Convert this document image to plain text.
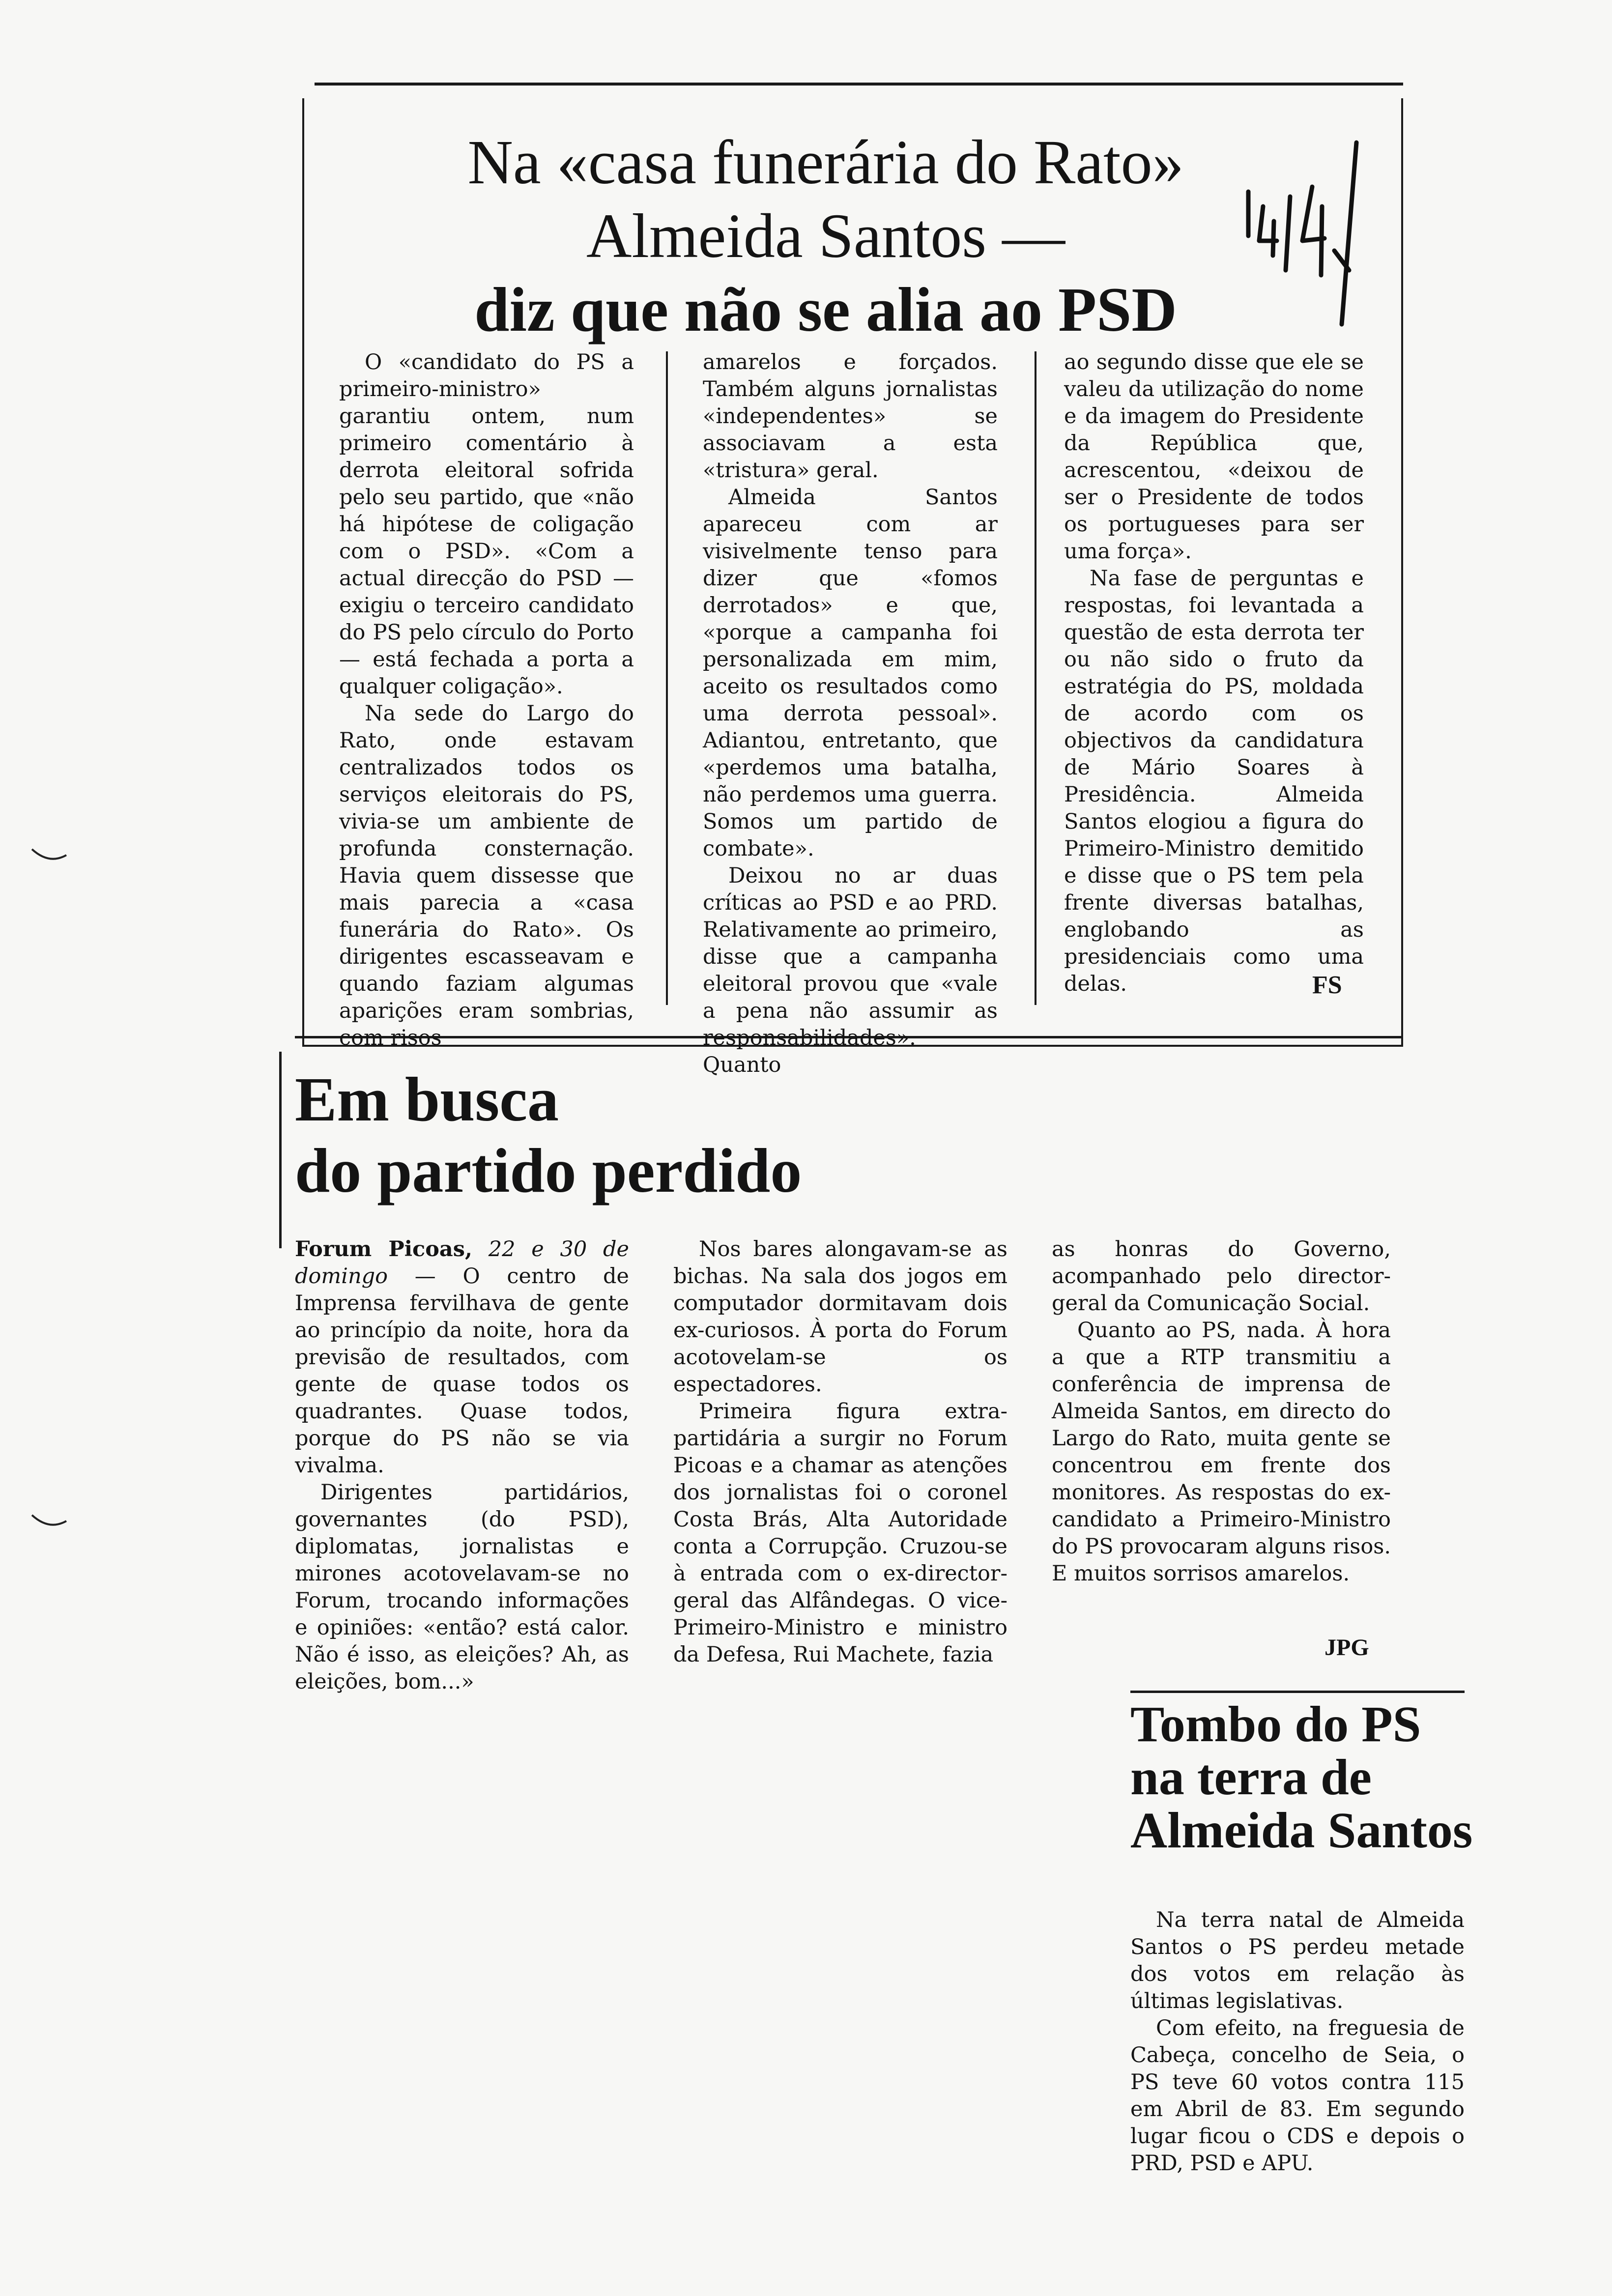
Na «casa funerária do Rato»
Almeida Santos —
diz que não se alia ao PSD

O «candidato do PS a primeiro-ministro» garantiu ontem, num primeiro comentário à derrota eleitoral sofrida pelo seu partido, que «não há hipótese de coligação com o PSD». «Com a actual direcção do PSD — exigiu o terceiro candidato do PS pelo círculo do Porto — está fechada a porta a qualquer coligação».

Na sede do Largo do Rato, onde estavam centralizados todos os serviços eleitorais do PS, vivia-se um ambiente de profunda consternação. Havia quem dissesse que mais parecia a «casa funerária do Rato». Os dirigentes escasseavam e quando faziam algumas aparições eram sombrias, com risos

amarelos e forçados. Também alguns jornalistas «independentes» se associavam a esta «tristura» geral.

Almeida Santos apareceu com ar visivelmente tenso para dizer que «fomos derrotados» e que, «porque a campanha foi personalizada em mim, aceito os resultados como uma derrota pessoal». Adiantou, entretanto, que «perdemos uma batalha, não perdemos uma guerra. Somos um partido de combate».

Deixou no ar duas críticas ao PSD e ao PRD. Relativamente ao primeiro, disse que a campanha eleitoral provou que «vale a pena não assumir as responsabilidades». Quanto

ao segundo disse que ele se valeu da utilização do nome e da imagem do Presidente da República que, acrescentou, «deixou de ser o Presidente de todos os portugueses para ser uma força».

Na fase de perguntas e respostas, foi levantada a questão de esta derrota ter ou não sido o fruto da estratégia do PS, moldada de acordo com os objectivos da candidatura de Mário Soares à Presidência. Almeida Santos elogiou a figura do Primeiro-Ministro demitido e disse que o PS tem pela frente diversas batalhas, englobando as presidenciais como uma delas.	FS
Em busca
do partido perdido

Forum Picoas, 22 e 30 de domingo — O centro de Imprensa fervilhava de gente ao princípio da noite, hora da previsão de resultados, com gente de quase todos os quadrantes. Quase todos, porque do PS não se via vivalma.

Dirigentes partidários, governantes (do PSD), diplomatas, jornalistas e mirones acotovelavam-se no Forum, trocando informações e opiniões: «então? está calor. Não é isso, as eleições? Ah, as eleições, bom...»

Nos bares alongavam-se as bichas. Na sala dos jogos em computador dormitavam dois ex-curiosos. À porta do Forum acotovelam-se os espectadores.

Primeira figura extra-partidária a surgir no Forum Picoas e a chamar as atenções dos jornalistas foi o coronel Costa Brás, Alta Autoridade conta a Corrupção. Cruzou-se à entrada com o ex-director-geral das Alfândegas. O vice-Primeiro-Ministro e ministro da Defesa, Rui Machete, fazia

as honras do Governo, acompanhado pelo director-geral da Comunicação Social.

Quanto ao PS, nada. À hora a que a RTP transmitiu a conferência de imprensa de Almeida Santos, em directo do Largo do Rato, muita gente se concentrou em frente dos monitores. As respostas do ex-candidato a Primeiro-Ministro do PS provocaram alguns risos. E muitos sorrisos amarelos.

JPG
Tombo do PS na terra de Almeida Santos

Na terra natal de Almeida Santos o PS perdeu metade dos votos em relação às últimas legislativas.

Com efeito, na freguesia de Cabeça, concelho de Seia, o PS teve 60 votos contra 115 em Abril de 83. Em segundo lugar ficou o CDS e depois o PRD, PSD e APU.
